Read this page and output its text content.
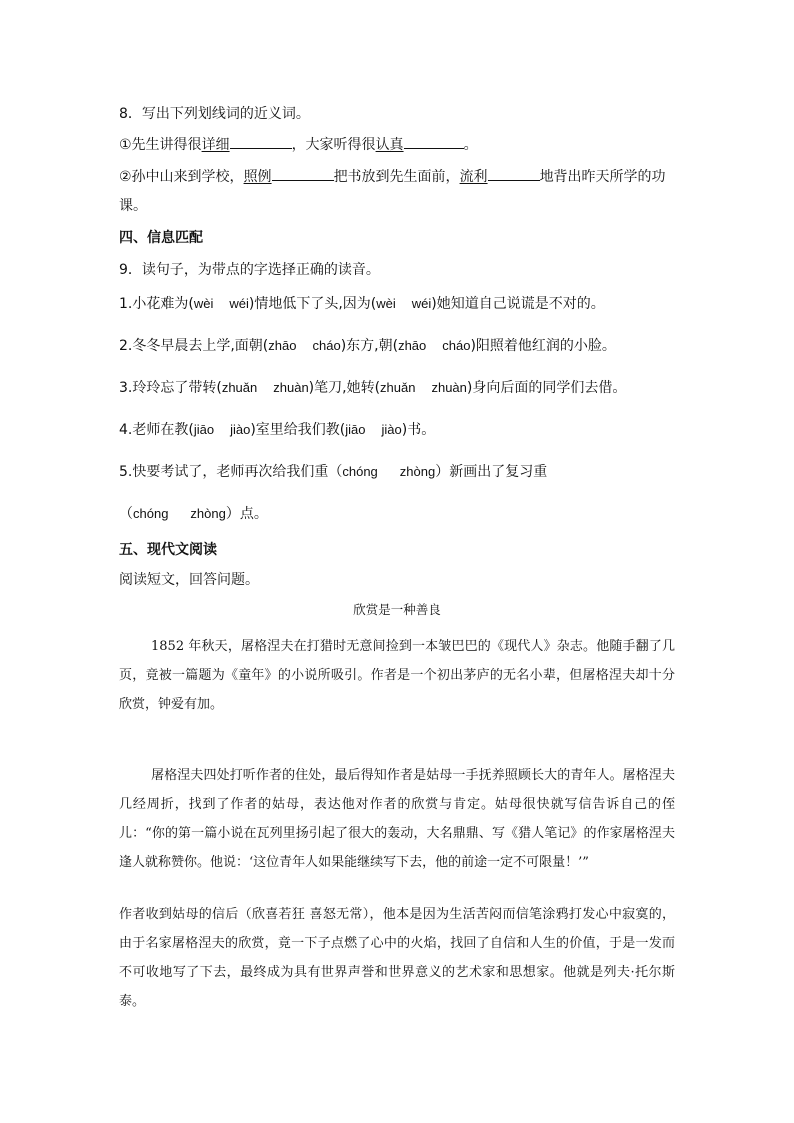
8．写出下列划线词的近义词。
①先生讲得很详细	，大家听得很认真	。
②孙中山来到学校，照例	把书放到先生面前，流利	地背出昨天所学的功
课。
四、信息匹配
9．读句子，为带点的字选择正确的读音。
1.小花难为(wèi wéi)情地低下了头,因为(wèi wéi)她知道自己说谎是不对的。
2.冬冬早晨去上学,面朝(zhāo cháo)东方,朝(zhāo cháo)阳照着他红润的小脸。
3.玲玲忘了带转(zhuǎn zhuàn)笔刀,她转(zhuǎn zhuàn)身向后面的同学们去借。
4.老师在教(jiāo jiào)室里给我们教(jiāo jiào)书。
5.快要考试了，老师再次给我们重（chóng zhòng）新画出了复习重
（chóng zhòng）点。
五、现代文阅读
阅读短文，回答问题。
欣赏是一种善良
1852 年秋天，屠格涅夫在打猎时无意间捡到一本皱巴巴的《现代人》杂志。他随手翻了几页，竟被一篇题为《童年》的小说所吸引。作者是一个初出茅庐的无名小辈，但屠格涅夫却十分欣赏，钟爱有加。
屠格涅夫四处打听作者的住处，最后得知作者是姑母一手抚养照顾长大的青年人。屠格涅夫几经周折，找到了作者的姑母，表达他对作者的欣赏与肯定。姑母很快就写信告诉自己的侄儿：“你的第一篇小说在瓦列里扬引起了很大的轰动，大名鼎鼎、写《猎人笔记》的作家屠格涅夫逢人就称赞你。他说：‘这位青年人如果能继续写下去，他的前途一定不可限量！’”
作者收到姑母的信后（欣喜若狂 喜怒无常），他本是因为生活苦闷而信笔涂鸦打发心中寂寞的，由于名家屠格涅夫的欣赏，竟一下子点燃了心中的火焰，找回了自信和人生的价值，于是一发而不可收地写了下去，最终成为具有世界声誉和世界意义的艺术家和思想家。他就是列夫·托尔斯泰。
